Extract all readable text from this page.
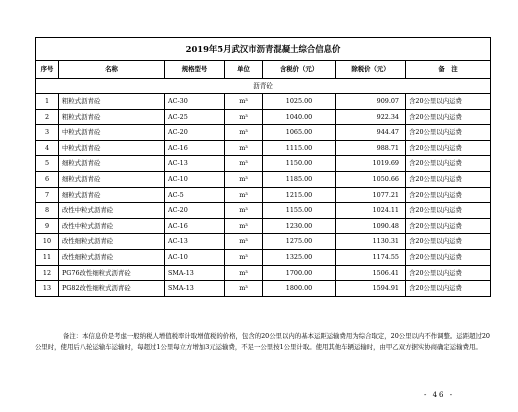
2019年5月武汉市沥青混凝土综合信息价						
序号	名称	规格型号	单位	含税价（元）	除税价（元）	备　注
沥青砼						
1	粗粒式沥青砼	AC-30	m³	1025.00	909.07	含20公里以内运费
2	粗粒式沥青砼	AC-25	m³	1040.00	922.34	含20公里以内运费
3	中粒式沥青砼	AC-20	m³	1065.00	944.47	含20公里以内运费
4	中粒式沥青砼	AC-16	m³	1115.00	988.71	含20公里以内运费
5	细粒式沥青砼	AC-13	m³	1150.00	1019.69	含20公里以内运费
6	细粒式沥青砼	AC-10	m³	1185.00	1050.66	含20公里以内运费
7	细粒式沥青砼	AC-5	m³	1215.00	1077.21	含20公里以内运费
8	改性中粒式沥青砼	AC-20	m³	1155.00	1024.11	含20公里以内运费
9	改性中粒式沥青砼	AC-16	m³	1230.00	1090.48	含20公里以内运费
10	改性细粒式沥青砼	AC-13	m³	1275.00	1130.31	含20公里以内运费
11	改性细粒式沥青砼	AC-10	m³	1325.00	1174.55	含20公里以内运费
12	PG76改性细粒式沥青砼	SMA-13	m³	1700.00	1506.41	含20公里以内运费
13	PG82改性细粒式沥青砼	SMA-13	m³	1800.00	1594.91	含20公里以内运费

备注：本信息价是考虑一般纳税人增值税率计取增值税的价格，包含的20公里以内的基本运距运输费用为综合取定，20公里以内不作调整。运距超过20公里时，使用后八轮运输车运输时，每超过1公里每立方增加3元运输费，不足一公里按1公里计取。使用其他车辆运输时，由甲乙双方据实协商确定运输费用。

- 46 -
